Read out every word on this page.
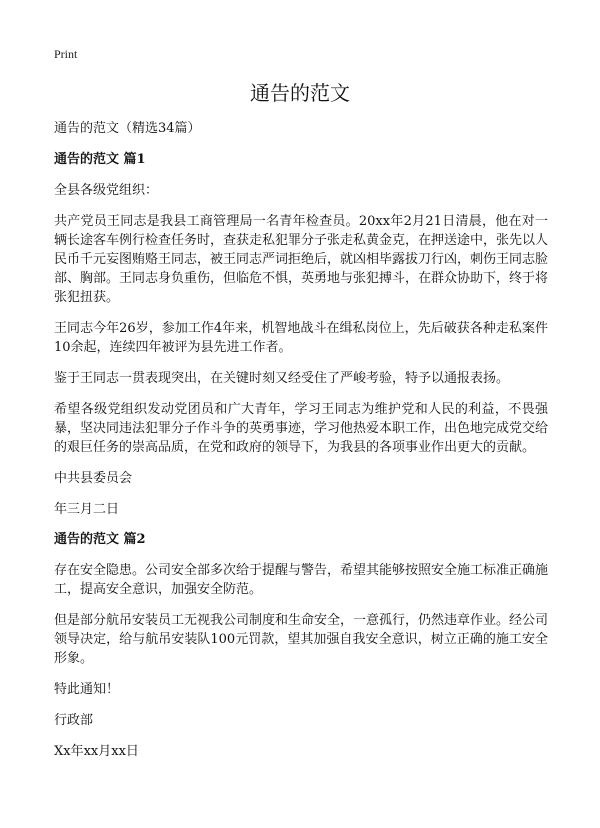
Print
通告的范文
通告的范文（精选34篇）
通告的范文 篇1
全县各级党组织：
共产党员王同志是我县工商管理局一名青年检查员。20xx年2月21日清晨，他在对一辆长途客车例行检查任务时，查获走私犯罪分子张走私黄金克，在押送途中，张先以人民币千元妄图贿赂王同志，被王同志严词拒绝后，就凶相毕露拔刀行凶，刺伤王同志脸部、胸部。王同志身负重伤，但临危不惧，英勇地与张犯搏斗，在群众协助下，终于将张犯扭获。
王同志今年26岁，参加工作4年来，机智地战斗在缉私岗位上，先后破获各种走私案件10余起，连续四年被评为县先进工作者。
鉴于王同志一贯表现突出，在关键时刻又经受住了严峻考验，特予以通报表扬。
希望各级党组织发动党团员和广大青年，学习王同志为维护党和人民的利益，不畏强暴，坚决同违法犯罪分子作斗争的英勇事迹，学习他热爱本职工作，出色地完成党交给的艰巨任务的崇高品质，在党和政府的领导下，为我县的各项事业作出更大的贡献。
中共县委员会
年三月二日
通告的范文 篇2
存在安全隐患。公司安全部多次给于提醒与警告，希望其能够按照安全施工标准正确施工，提高安全意识，加强安全防范。
但是部分航吊安装员工无视我公司制度和生命安全，一意孤行，仍然违章作业。经公司领导决定，给与航吊安装队100元罚款，望其加强自我安全意识，树立正确的施工安全形象。
特此通知！
行政部
Xx年xx月xx日
